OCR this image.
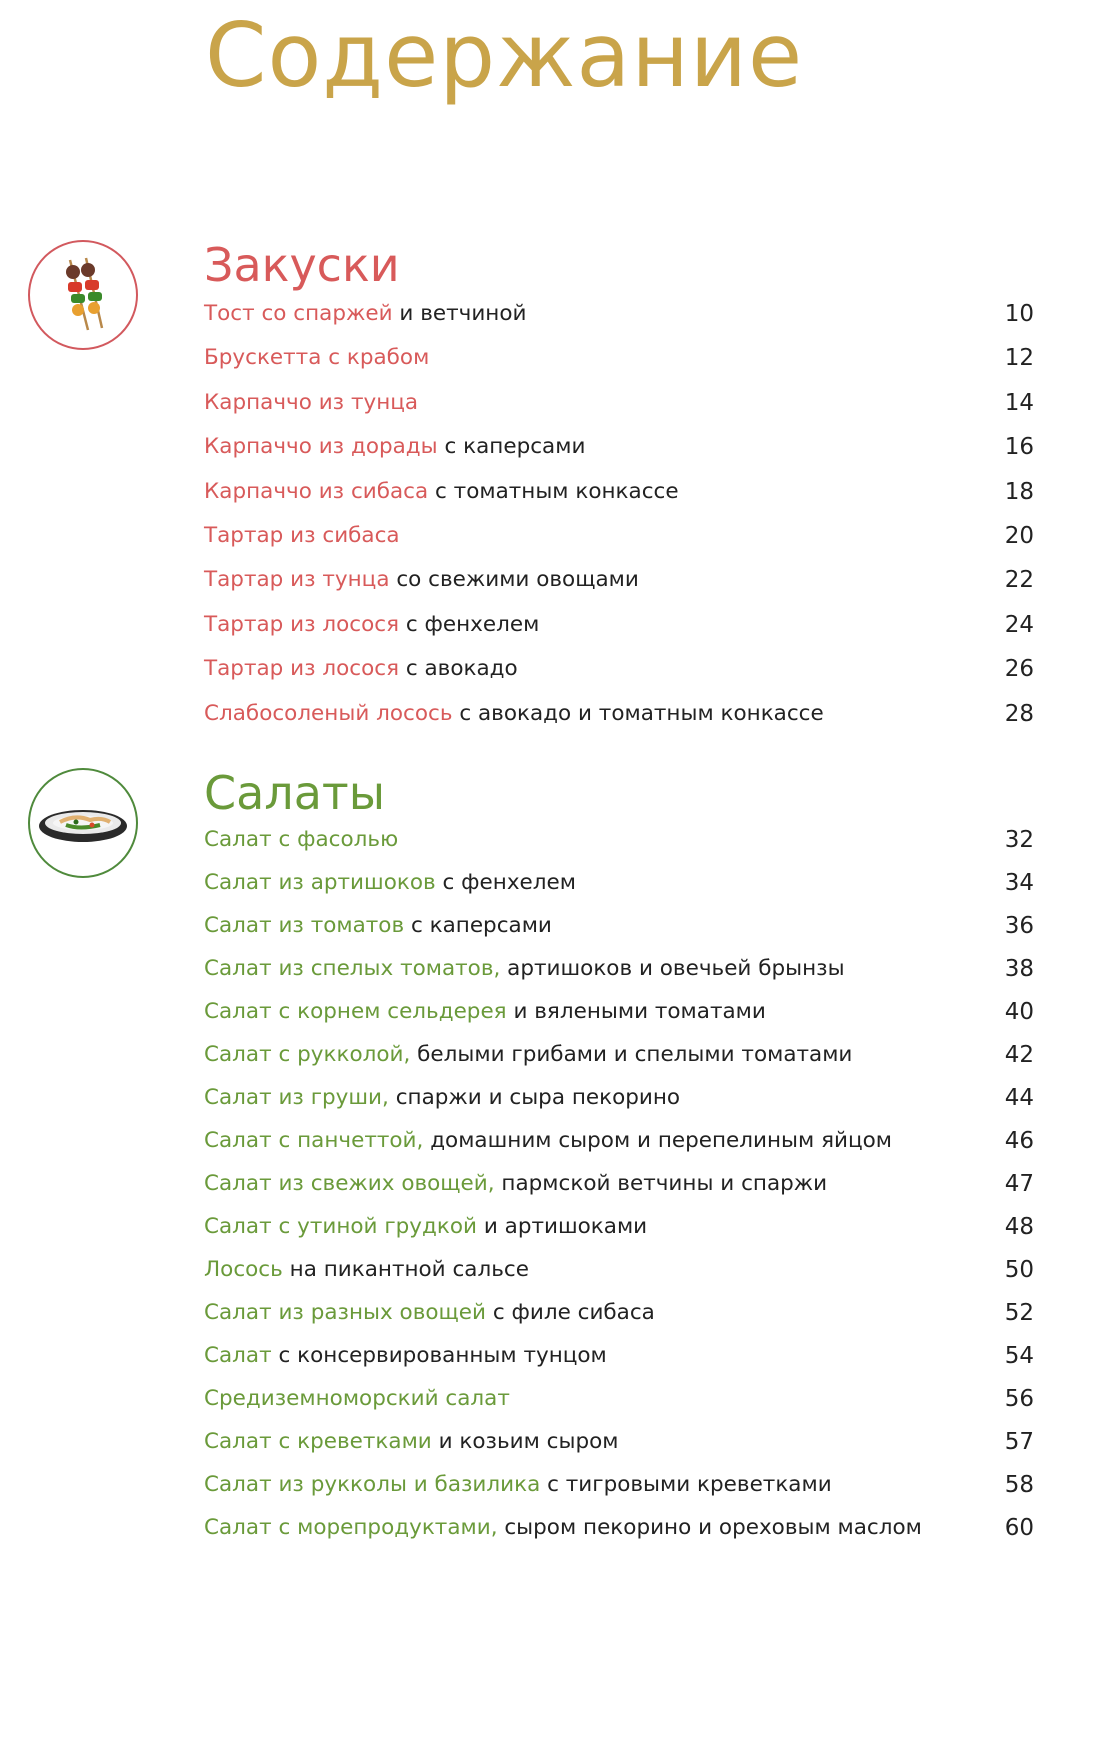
Содержание
Закуски
Тост со спаржей и ветчиной	10
Брускетта с крабом	12
Карпаччо из тунца	14
Карпаччо из дорады с каперсами	16
Карпаччо из сибаса с томатным конкассе	18
Тартар из сибаса	20
Тартар из тунца со свежими овощами	22
Тартар из лосося с фенхелем	24
Тартар из лосося с авокадо	26
Слабосоленый лосось с авокадо и томатным конкассе	28
Салаты
Салат с фасолью	32
Салат из артишоков с фенхелем	34
Салат из томатов с каперсами	36
Салат из спелых томатов, артишоков и овечьей брынзы	38
Салат с корнем сельдерея и вялеными томатами	40
Салат с рукколой, белыми грибами и спелыми томатами	42
Салат из груши, спаржи и сыра пекорино	44
Салат с панчеттой, домашним сыром и перепелиным яйцом	46
Салат из свежих овощей, пармской ветчины и спаржи	47
Салат с утиной грудкой и артишоками	48
Лосось на пикантной сальсе	50
Салат из разных овощей с филе сибаса	52
Салат с консервированным тунцом	54
Средиземноморский салат	56
Салат с креветками и козьим сыром	57
Салат из рукколы и базилика с тигровыми креветками	58
Салат с морепродуктами, сыром пекорино и ореховым маслом	60
